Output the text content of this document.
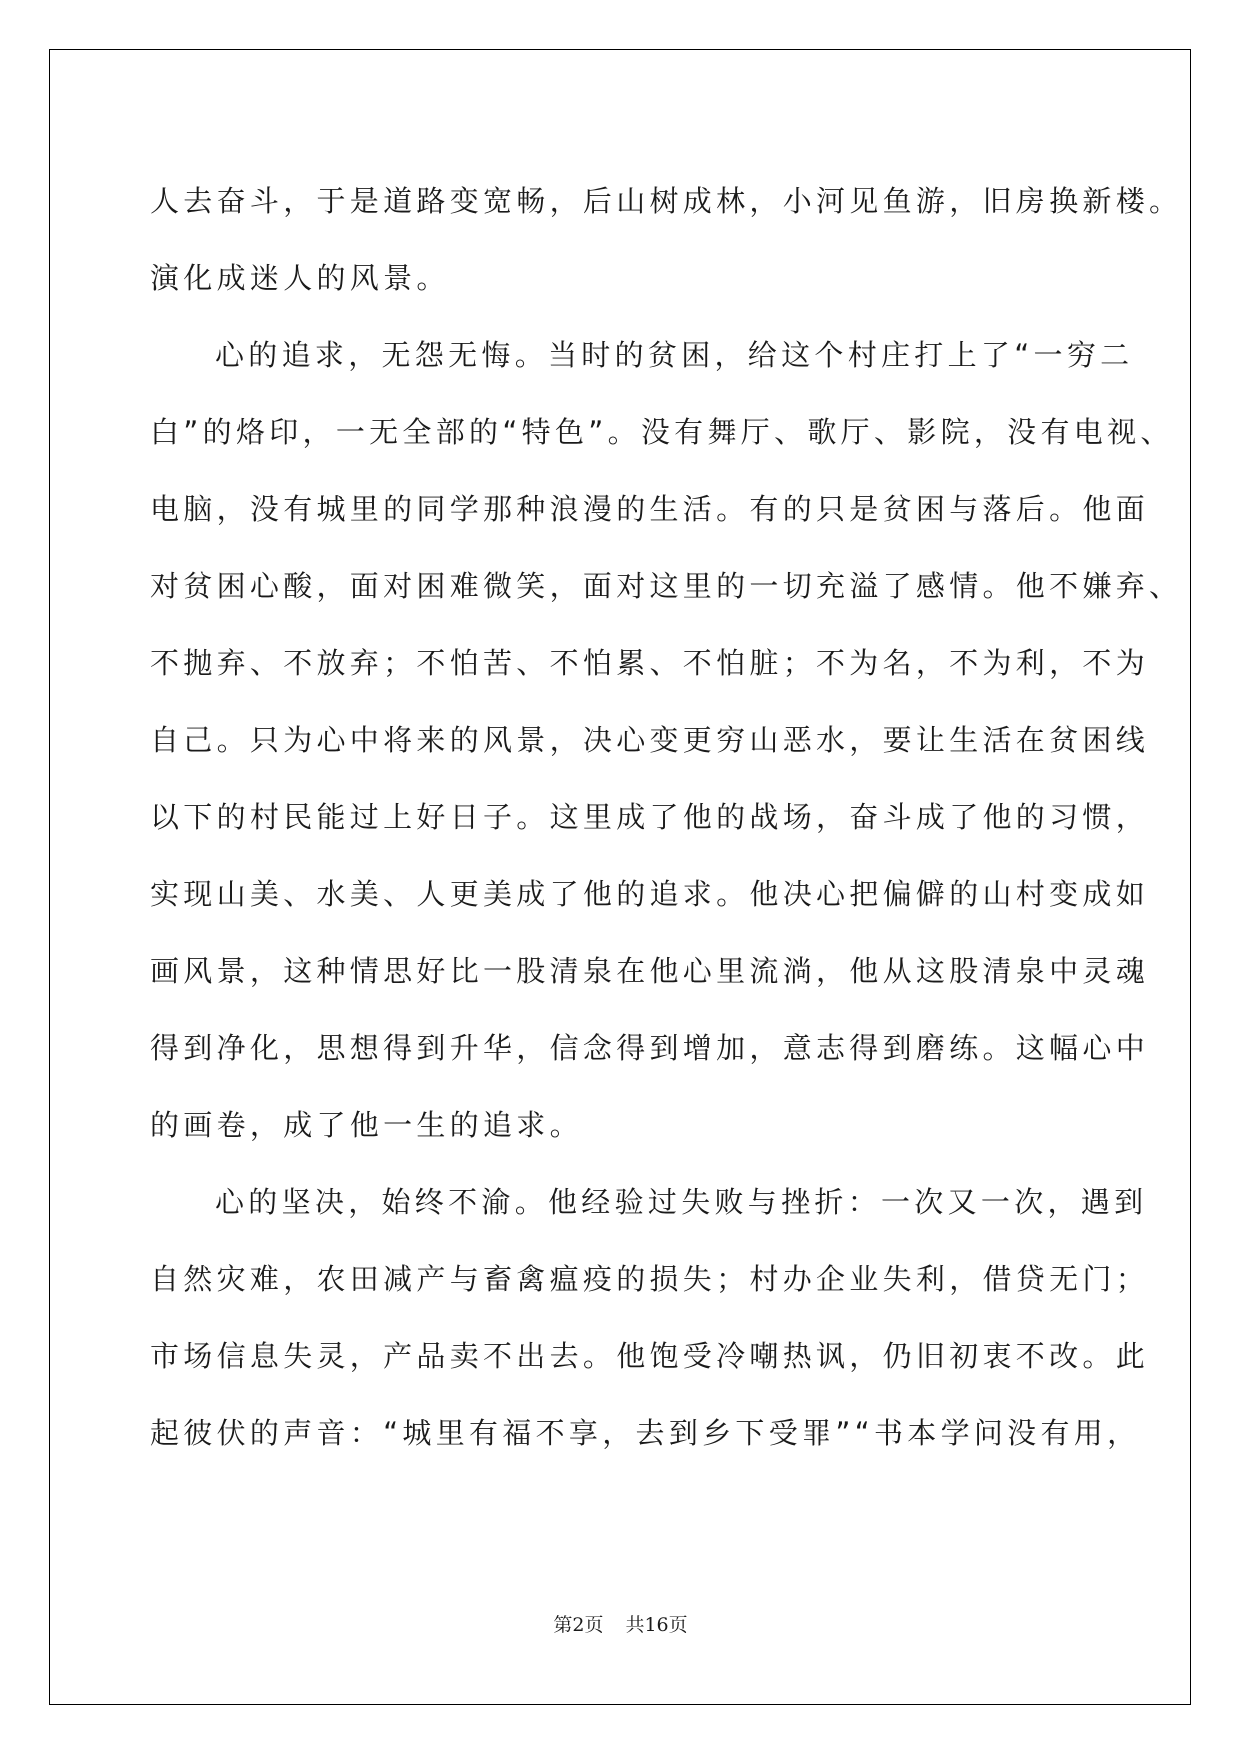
人去奋斗，于是道路变宽畅，后山树成林，小河见鱼游，旧房换新楼。
演化成迷人的风景。
心的追求，无怨无悔。当时的贫困，给这个村庄打上了“一穷二
白”的烙印，一无全部的“特色”。没有舞厅、歌厅、影院，没有电视、
电脑，没有城里的同学那种浪漫的生活。有的只是贫困与落后。他面
对贫困心酸，面对困难微笑，面对这里的一切充溢了感情。他不嫌弃、
不抛弃、不放弃；不怕苦、不怕累、不怕脏；不为名，不为利，不为
自己。只为心中将来的风景，决心变更穷山恶水，要让生活在贫困线
以下的村民能过上好日子。这里成了他的战场，奋斗成了他的习惯，
实现山美、水美、人更美成了他的追求。他决心把偏僻的山村变成如
画风景，这种情思好比一股清泉在他心里流淌，他从这股清泉中灵魂
得到净化，思想得到升华，信念得到增加，意志得到磨练。这幅心中
的画卷，成了他一生的追求。
心的坚决，始终不渝。他经验过失败与挫折：一次又一次，遇到
自然灾难，农田减产与畜禽瘟疫的损失；村办企业失利，借贷无门；
市场信息失灵，产品卖不出去。他饱受冷嘲热讽，仍旧初衷不改。此
起彼伏的声音：“城里有福不享，去到乡下受罪”“书本学问没有用，
第2页 共16页
